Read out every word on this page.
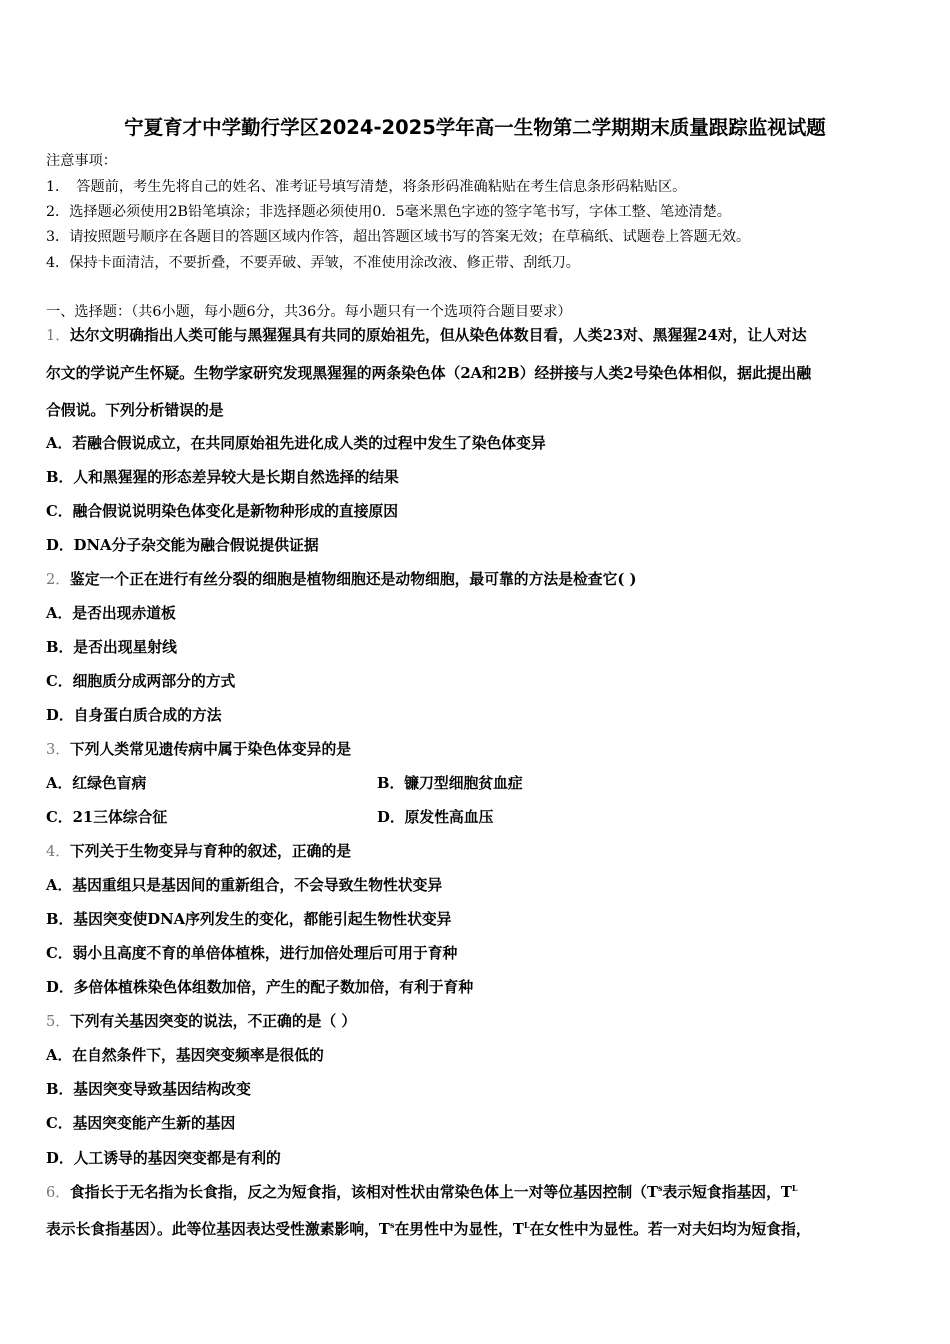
宁夏育才中学勤行学区2024-2025学年高一生物第二学期期末质量跟踪监视试题
注意事项：
1．　答题前，考生先将自己的姓名、准考证号填写清楚，将条形码准确粘贴在考生信息条形码粘贴区。
2．选择题必须使用2B铅笔填涂；非选择题必须使用0．5毫米黑色字迹的签字笔书写，字体工整、笔迹清楚。
3．请按照题号顺序在各题目的答题区域内作答，超出答题区域书写的答案无效；在草稿纸、试题卷上答题无效。
4．保持卡面清洁，不要折叠，不要弄破、弄皱，不准使用涂改液、修正带、刮纸刀。
一、选择题：（共6小题，每小题6分，共36分。每小题只有一个选项符合题目要求）
1．达尔文明确指出人类可能与黑猩猩具有共同的原始祖先，但从染色体数目看，人类23对、黑猩猩24对，让人对达
尔文的学说产生怀疑。生物学家研究发现黑猩猩的两条染色体（2A和2B）经拼接与人类2号染色体相似，据此提出融
合假说。下列分析错误的是
A．若融合假说成立，在共同原始祖先进化成人类的过程中发生了染色体变异
B．人和黑猩猩的形态差异较大是长期自然选择的结果
C．融合假说说明染色体变化是新物种形成的直接原因
D．DNA分子杂交能为融合假说提供证据
2．鉴定一个正在进行有丝分裂的细胞是植物细胞还是动物细胞，最可靠的方法是检查它( )
A．是否出现赤道板
B．是否出现星射线
C．细胞质分成两部分的方式
D．自身蛋白质合成的方法
3．下列人类常见遗传病中属于染色体变异的是
A．红绿色盲病	B．镰刀型细胞贫血症
C．21三体综合征	D．原发性高血压
4．下列关于生物变异与育种的叙述，正确的是
A．基因重组只是基因间的重新组合，不会导致生物性状变异
B．基因突变使DNA序列发生的变化，都能引起生物性状变异
C．弱小且高度不育的单倍体植株，进行加倍处理后可用于育种
D．多倍体植株染色体组数加倍，产生的配子数加倍，有利于育种
5．下列有关基因突变的说法，不正确的是（ ）
A．在自然条件下，基因突变频率是很低的
B．基因突变导致基因结构改变
C．基因突变能产生新的基因
D．人工诱导的基因突变都是有利的
6．食指长于无名指为长食指，反之为短食指，该相对性状由常染色体上一对等位基因控制（$T^s$表示短食指基因，$T^L$
表示长食指基因）。此等位基因表达受性激素影响，$T^s$在男性中为显性，$T^L$在女性中为显性。若一对夫妇均为短食指，
